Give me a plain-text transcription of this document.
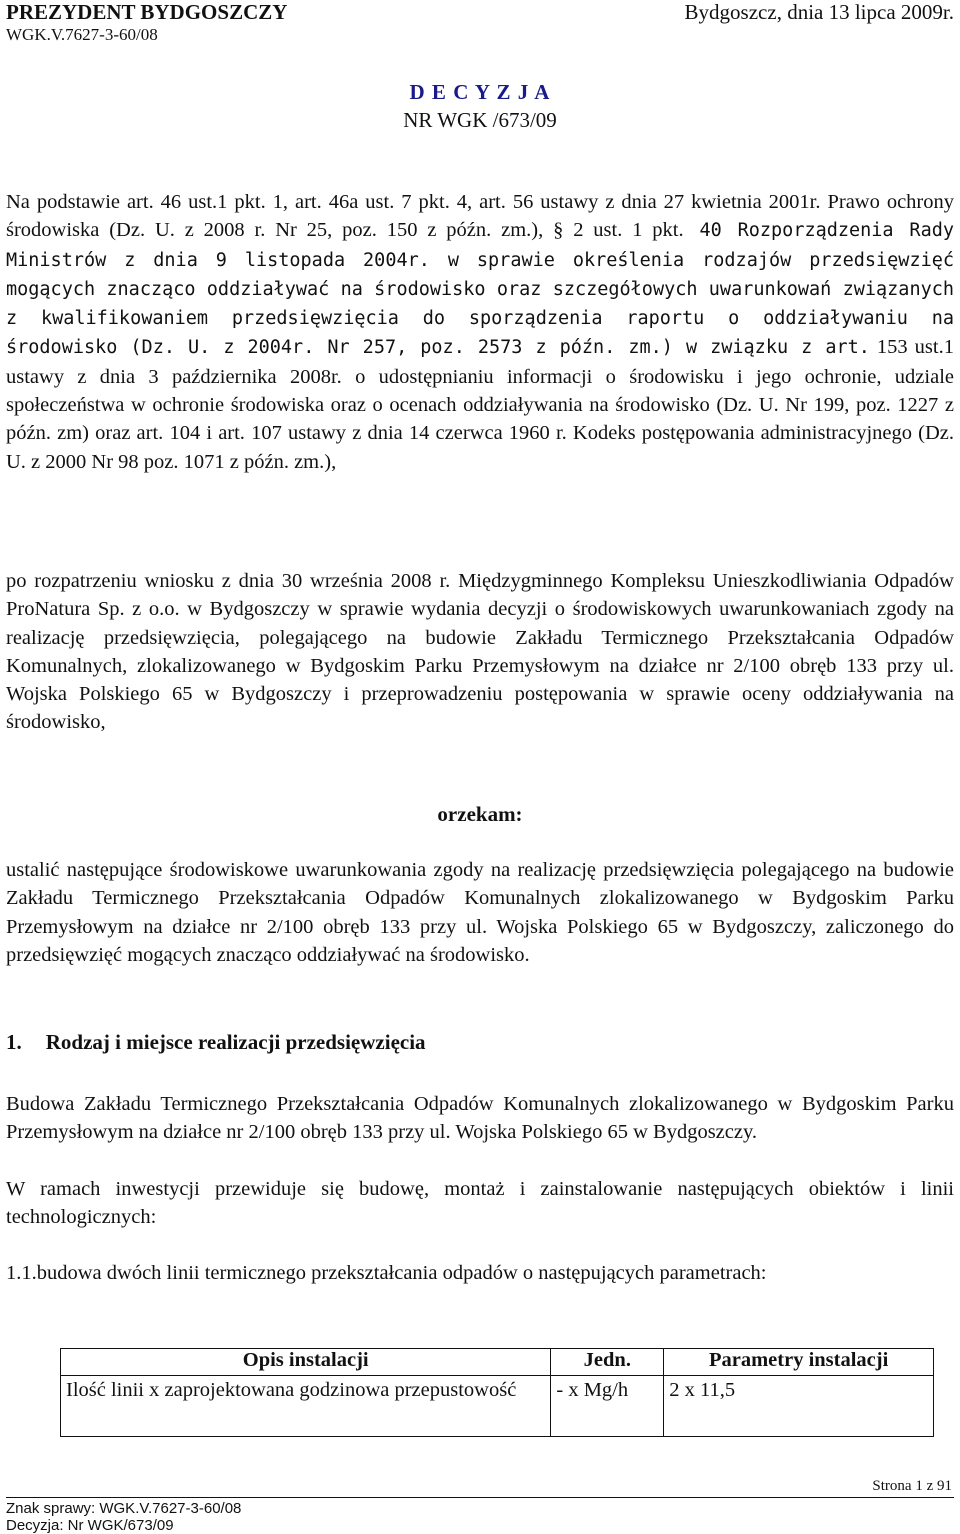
PREZYDENT BYDGOSZCZY
WGK.V.7627-3-60/08
Bydgoszcz, dnia 13 lipca 2009r.
D E C Y Z J A
NR WGK /673/09

Na podstawie art. 46 ust.1 pkt. 1, art. 46a ust. 7 pkt. 4, art. 56 ustawy z dnia 27 kwietnia 2001r. Prawo ochrony środowiska (Dz. U. z 2008 r. Nr 25, poz. 150 z późn. zm.), § 2 ust. 1 pkt. 40 Rozporządzenia Rady Ministrów z dnia 9 listopada 2004r. w sprawie określenia rodzajów przedsięwzięć mogących znacząco oddziaływać na środowisko oraz szczegółowych uwarunkowań związanych z kwalifikowaniem przedsięwzięcia do sporządzenia raportu o oddziaływaniu na środowisko (Dz. U. z 2004r. Nr 257, poz. 2573 z późn. zm.) w związku z art. 153 ust.1 ustawy z dnia 3 października 2008r. o udostępnianiu informacji o środowisku i jego ochronie, udziale społeczeństwa w ochronie środowiska oraz o ocenach oddziaływania na środowisko (Dz. U. Nr 199, poz. 1227 z późn. zm) oraz art. 104 i art. 107 ustawy z dnia 14 czerwca 1960 r. Kodeks postępowania administracyjnego (Dz. U. z 2000 Nr 98 poz. 1071 z późn. zm.),

po rozpatrzeniu wniosku z dnia 30 września 2008 r. Międzygminnego Kompleksu Unieszkodliwiania Odpadów ProNatura Sp. z o.o. w Bydgoszczy w sprawie wydania decyzji o środowiskowych uwarunkowaniach zgody na realizację przedsięwzięcia, polegającego na budowie Zakładu Termicznego Przekształcania Odpadów Komunalnych, zlokalizowanego w Bydgoskim Parku Przemysłowym na działce nr 2/100 obręb 133 przy ul. Wojska Polskiego 65 w Bydgoszczy i przeprowadzeniu postępowania w sprawie oceny oddziaływania na środowisko,

orzekam:

ustalić następujące środowiskowe uwarunkowania zgody na realizację przedsięwzięcia polegającego na budowie Zakładu Termicznego Przekształcania Odpadów Komunalnych zlokalizowanego w Bydgoskim Parku Przemysłowym na działce nr 2/100 obręb 133 przy ul. Wojska Polskiego 65 w Bydgoszczy, zaliczonego do przedsięwzięć mogących znacząco oddziaływać na środowisko.

1. Rodzaj i miejsce realizacji przedsięwzięcia

Budowa Zakładu Termicznego Przekształcania Odpadów Komunalnych zlokalizowanego w Bydgoskim Parku Przemysłowym na działce nr 2/100 obręb 133 przy ul. Wojska Polskiego 65 w Bydgoszczy.

W ramach inwestycji przewiduje się budowę, montaż i zainstalowanie następujących obiektów i linii technologicznych:

1.1.budowa dwóch linii termicznego przekształcania odpadów o następujących parametrach:
Opis instalacji	Jedn.	Parametry instalacji
Ilość linii x zaprojektowana godzinowa przepustowość	- x Mg/h	2 x 11,5
Strona 1 z 91
Znak sprawy: WGK.V.7627-3-60/08
Decyzja: Nr WGK/673/09
